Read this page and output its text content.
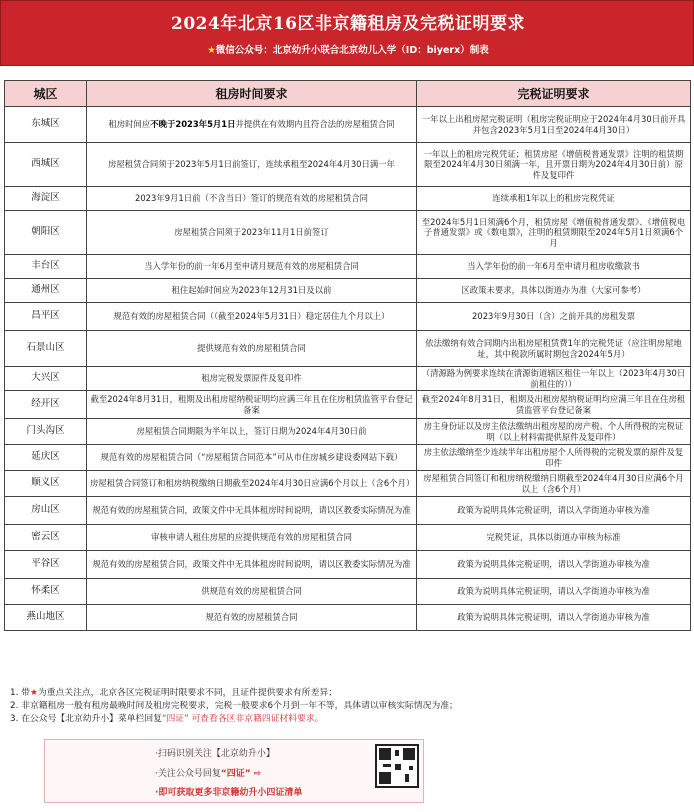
2024年北京16区非京籍租房及完税证明要求
★微信公众号：北京幼升小联合北京幼儿入学（ID：biyerx）制表
城区	租房时间要求	完税证明要求
东城区	租房时间应不晚于2023年5月1日并提供在有效期内且符合法的房屋租赁合同	一年以上出租房屋完税证明（租房完税证明应于2024年4月30日前开具并包含2023年5月1日至2024年4月30日）
西城区	房屋租赁合同须于2023年5月1日前签订，连续承租至2024年4月30日满一年	一年以上的租房完税凭证；租赁房屋《增值税普通发票》注明的租赁期限至2024年4月30日须满一年，且开票日期为2024年4月30日前）原件及复印件
海淀区	2023年9月1日前（不含当日）签订的规范有效的房屋租赁合同	连续承租1年以上的租房完税凭证
朝阳区	房屋租赁合同须于2023年11月1日前签订	至2024年5月1日须满6个月，租赁房屋《增值税普通发票》、《增值税电子普通发票》或《数电票》，注明的租赁期限至2024年5月1日须满6个月
丰台区	当入学年份的前一年6月至申请月规范有效的房屋租赁合同	当入学年份的前一年6月至申请月租房收缴款书
通州区	租住起始时间应为2023年12月31日及以前	区政策未要求，具体以街道办为准（大家可参考）
昌平区	规范有效的房屋租赁合同（（截至2024年5月31日）稳定居住九个月以上）	2023年9月30日（含）之前开具的房租发票
石景山区	提供规范有效的房屋租赁合同	依法缴纳有效合同期内出租房屋租赁费1年的完税凭证（应注明房屋地址，其中税款所属时期包含2024年5月）
大兴区	租房完税发票原件及复印件	（清源路为例要求连续在清源街道辖区租住一年以上（2023年4月30日前租住的））
经开区	截至2024年8月31日，租期及出租房屋纳税证明均应满三年且在住房租赁监管平台登记备案	截至2024年8月31日，租期及出租房屋纳税证明均应满三年且在住房租赁监管平台登记备案
门头沟区	房屋租赁合同期限为半年以上，签订日期为2024年4月30日前	房主身份证以及房主依法缴纳出租房屋的房产税、个人所得税的完税证明（以上材料需提供原件及复印件）
延庆区	规范有效的房屋租赁合同（“房屋租赁合同范本”可从市住房城乡建设委网站下载）	房主依法缴纳至少连续半年出租房屋个人所得税的完税发票的原件及复印件
顺义区	房屋租赁合同签订和租房纳税缴纳日期截至2024年4月30日应满6个月以上（含6个月）	房屋租赁合同签订和租房纳税缴纳日期截至2024年4月30日应满6个月以上（含6个月）
房山区	规范有效的房屋租赁合同，政策文件中无具体租房时间说明，请以区教委实际情况为准	政策为说明具体完税证明，请以入学街道办审核为准
密云区	审核申请人租住房屋的应提供规范有效的房屋租赁合同	完税凭证，具体以街道办审核为标准
平谷区	规范有效的房屋租赁合同，政策文件中无具体租房时间说明，请以区教委实际情况为准	政策为说明具体完税证明，请以入学街道办审核为准
怀柔区	供规范有效的房屋租赁合同	政策为说明具体完税证明，请以入学街道办审核为准
燕山地区	规范有效的房屋租赁合同	政策为说明具体完税证明，请以入学街道办审核为准
1. 带★为重点关注点，北京各区完税证明时限要求不同，且证件提供要求有所差异；
2. 非京籍租房一般有租房最晚时间及租房完税要求，完税一般要求6个月到一年不等，具体请以审核实际情况为准；
3. 在公众号【北京幼升小】菜单栏回复“四证” 可查看各区非京籍四证材料要求。
·扫码识别关注【北京幼升小】
·关注公众号回复“四证” ⇨
·即可获取更多非京籍幼升小四证清单
